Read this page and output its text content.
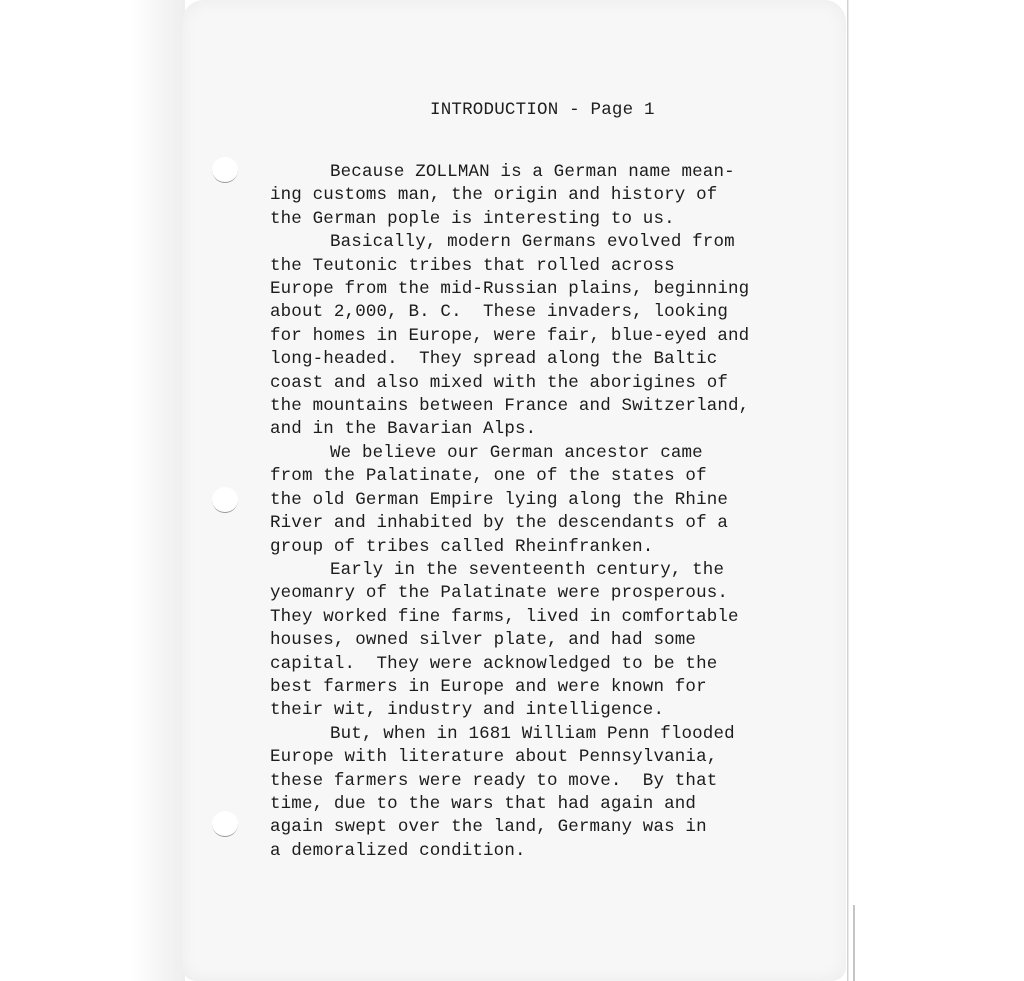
INTRODUCTION - Page 1
Because ZOLLMAN is a German name mean-
ing customs man, the origin and history of
the German pople is interesting to us.
Basically, modern Germans evolved from
the Teutonic tribes that rolled across
Europe from the mid-Russian plains, beginning
about 2,000, B. C.  These invaders, looking
for homes in Europe, were fair, blue-eyed and
long-headed.  They spread along the Baltic
coast and also mixed with the aborigines of
the mountains between France and Switzerland,
and in the Bavarian Alps.
We believe our German ancestor came
from the Palatinate, one of the states of
the old German Empire lying along the Rhine
River and inhabited by the descendants of a
group of tribes called Rheinfranken.
Early in the seventeenth century, the
yeomanry of the Palatinate were prosperous.
They worked fine farms, lived in comfortable
houses, owned silver plate, and had some
capital.  They were acknowledged to be the
best farmers in Europe and were known for
their wit, industry and intelligence.
But, when in 1681 William Penn flooded
Europe with literature about Pennsylvania,
these farmers were ready to move.  By that
time, due to the wars that had again and
again swept over the land, Germany was in
a demoralized condition.
